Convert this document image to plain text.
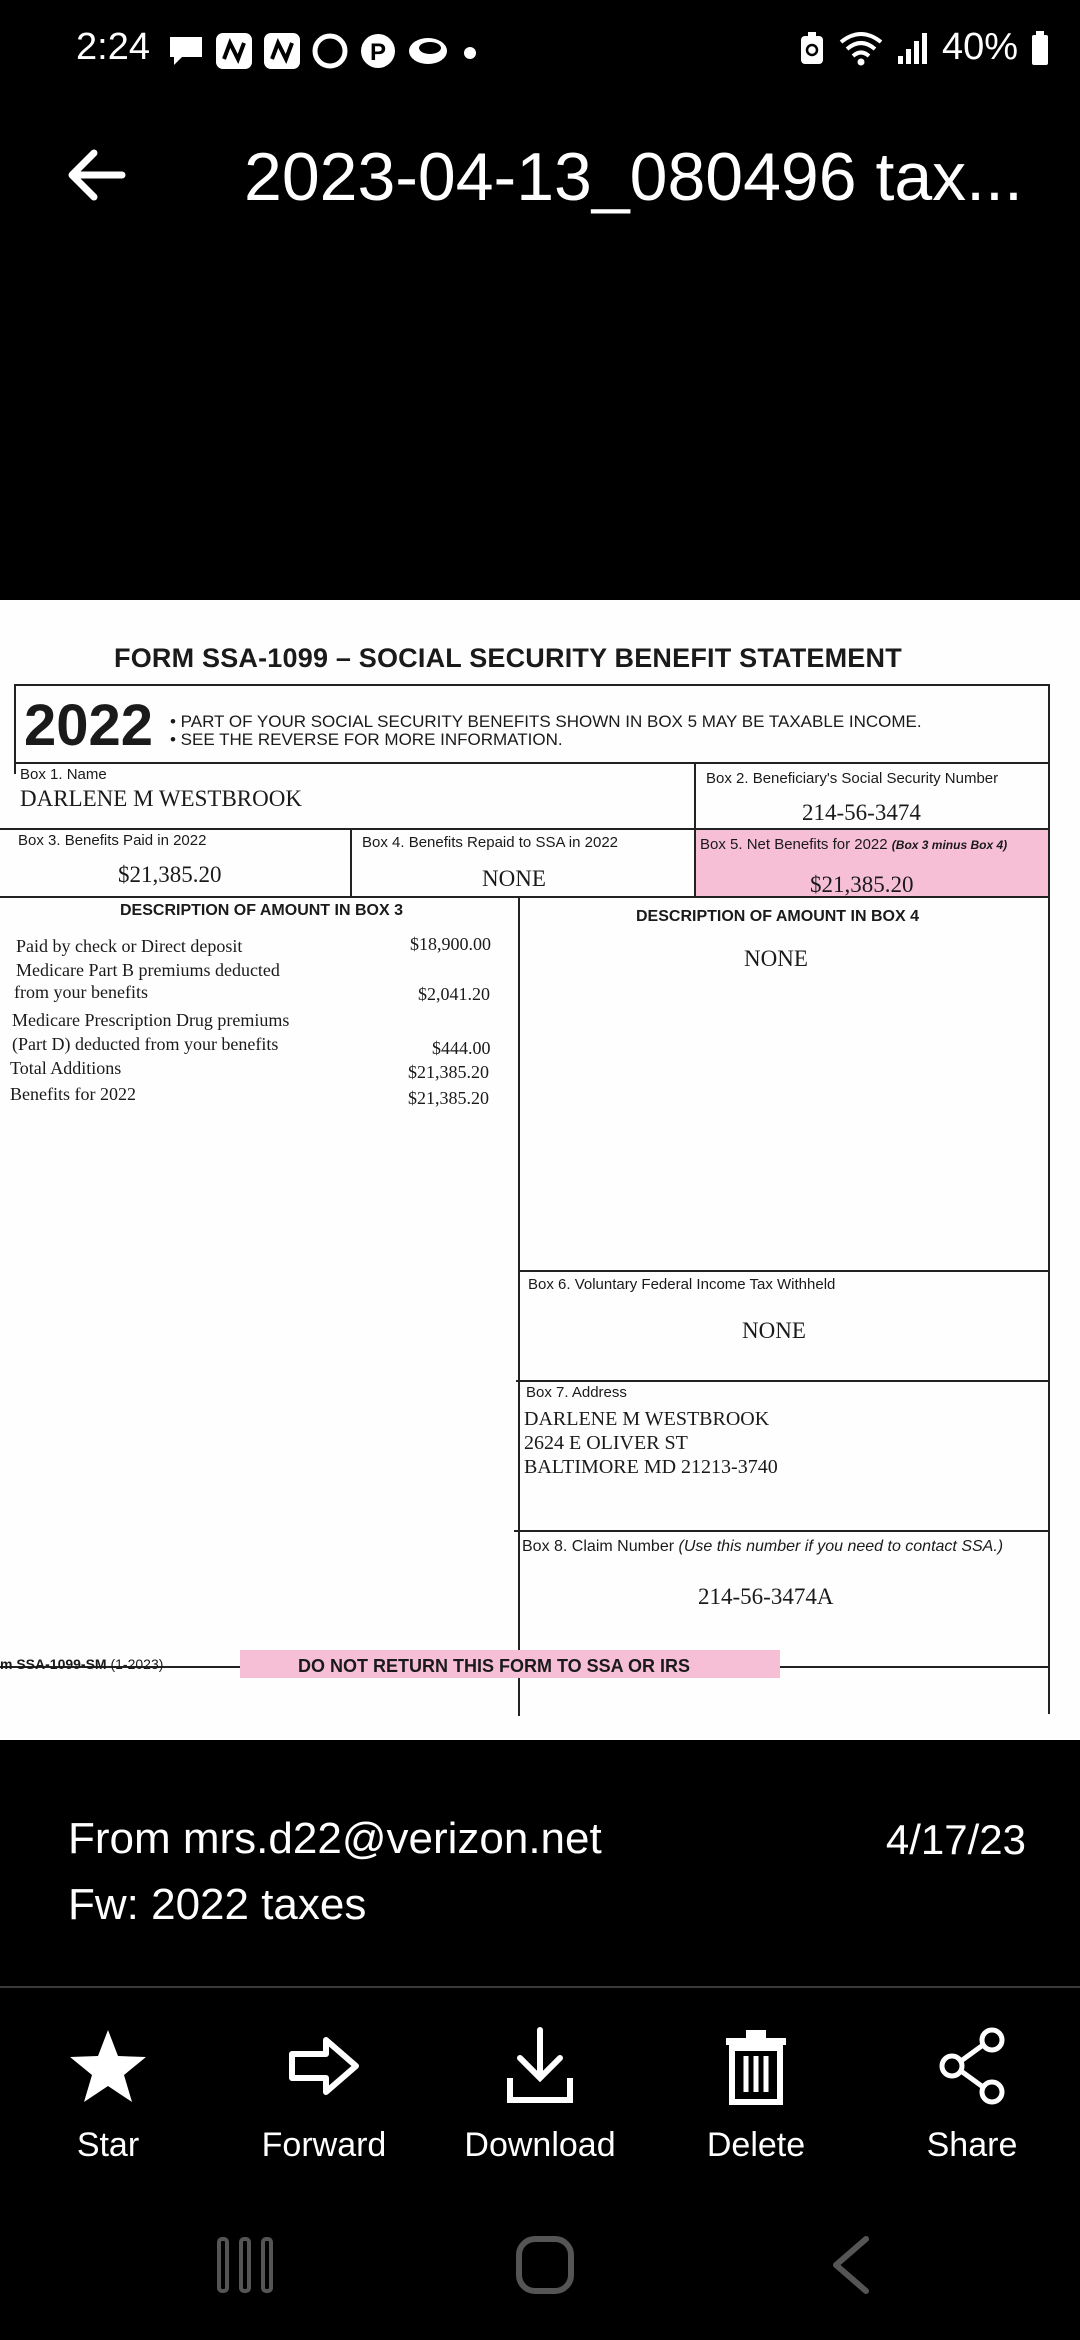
2:24	P	40%
2023-04-13_080496 tax...
FORM SSA-1099 – SOCIAL SECURITY BENEFIT STATEMENT
2022 • PART OF YOUR SOCIAL SECURITY BENEFITS SHOWN IN BOX 5 MAY BE TAXABLE INCOME.
• SEE THE REVERSE FOR MORE INFORMATION.
Box 1. Name
DARLENE M WESTBROOK
Box 2. Beneficiary's Social Security Number
214-56-3474
Box 3. Benefits Paid in 2022
$21,385.20
Box 4. Benefits Repaid to SSA in 2022
NONE
Box 5. Net Benefits for 2022 (Box 3 minus Box 4)
$21,385.20
DESCRIPTION OF AMOUNT IN BOX 3
Paid by check or Direct deposit	$18,900.00
Medicare Part B premiums deducted
from your benefits	$2,041.20
Medicare Prescription Drug premiums
(Part D) deducted from your benefits	$444.00
Total Additions	$21,385.20
Benefits for 2022	$21,385.20
DESCRIPTION OF AMOUNT IN BOX 4
NONE
Box 6. Voluntary Federal Income Tax Withheld
NONE
Box 7. Address
DARLENE M WESTBROOK
2624 E OLIVER ST
BALTIMORE MD 21213-3740
Box 8. Claim Number (Use this number if you need to contact SSA.)
214-56-3474A
m SSA-1099-SM (1-2023)	DO NOT RETURN THIS FORM TO SSA OR IRS
From mrs.d22@verizon.net
Fw: 2022 taxes
4/17/23
Star	Forward	Download	Delete	Share
